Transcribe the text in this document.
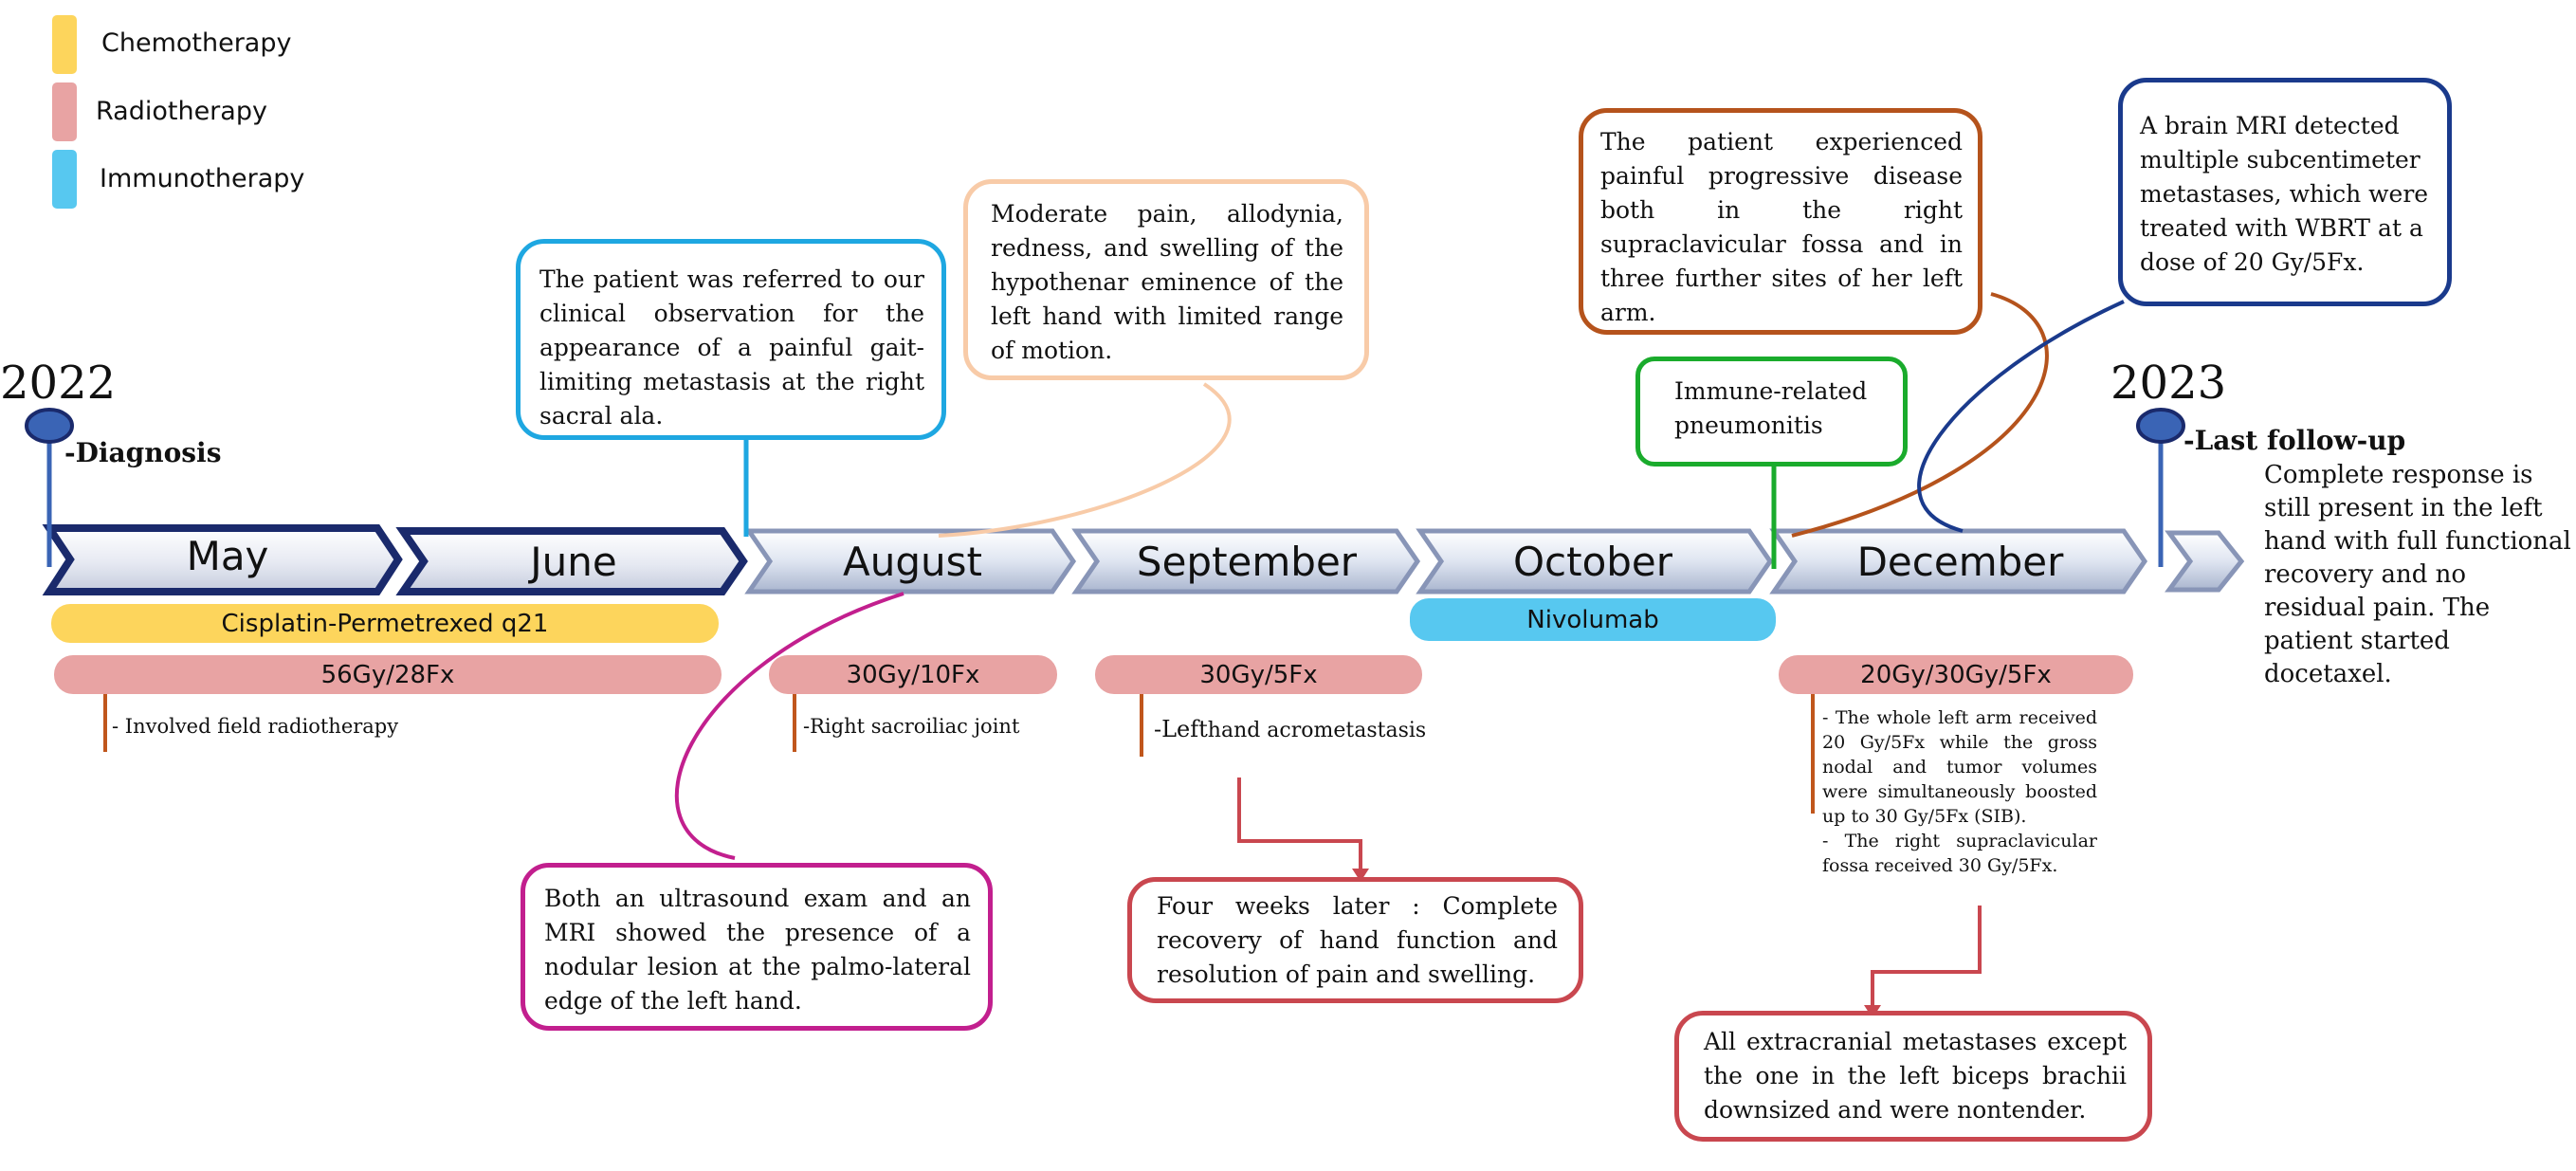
Chemotherapy
Radiotherapy
Immunotherapy
2022	2023
-Diagnosis	-Last follow-up
May	June	August	September	October	December
Cisplatin-Permetrexed q21	Nivolumab
56Gy/28Fx	30Gy/10Fx	30Gy/5Fx	20Gy/30Gy/5Fx
- Involved field radiotherapy	-Right sacroiliac joint	-Lefthand acrometastasis
The patient was referred to our clinical observation for the appearance of a painful gait-limiting metastasis at the right sacral ala.
Moderate pain, allodynia, redness, and swelling of the hypothenar eminence of the left hand with limited range of motion.
The patient experienced painful progressive disease both in the right supraclavicular fossa and in three further sites of her left arm.
A brain MRI detected multiple subcentimeter metastases, which were treated with WBRT at a dose of 20 Gy/5Fx.
Immune-related pneumonitis
Both an ultrasound exam and an MRI showed the presence of a nodular lesion at the palmo-lateral edge of the left hand.
Four weeks later : Complete recovery of hand function and resolution of pain and swelling.
All extracranial metastases except the one in the left biceps brachii downsized and were nontender.
- The whole left arm received 20 Gy/5Fx while the gross nodal and tumor volumes were simultaneously boosted up to 30 Gy/5Fx (SIB).
- The right supraclavicular fossa received 30 Gy/5Fx.
Complete response is still present in the left hand with full functional recovery and no residual pain. The patient started docetaxel.
